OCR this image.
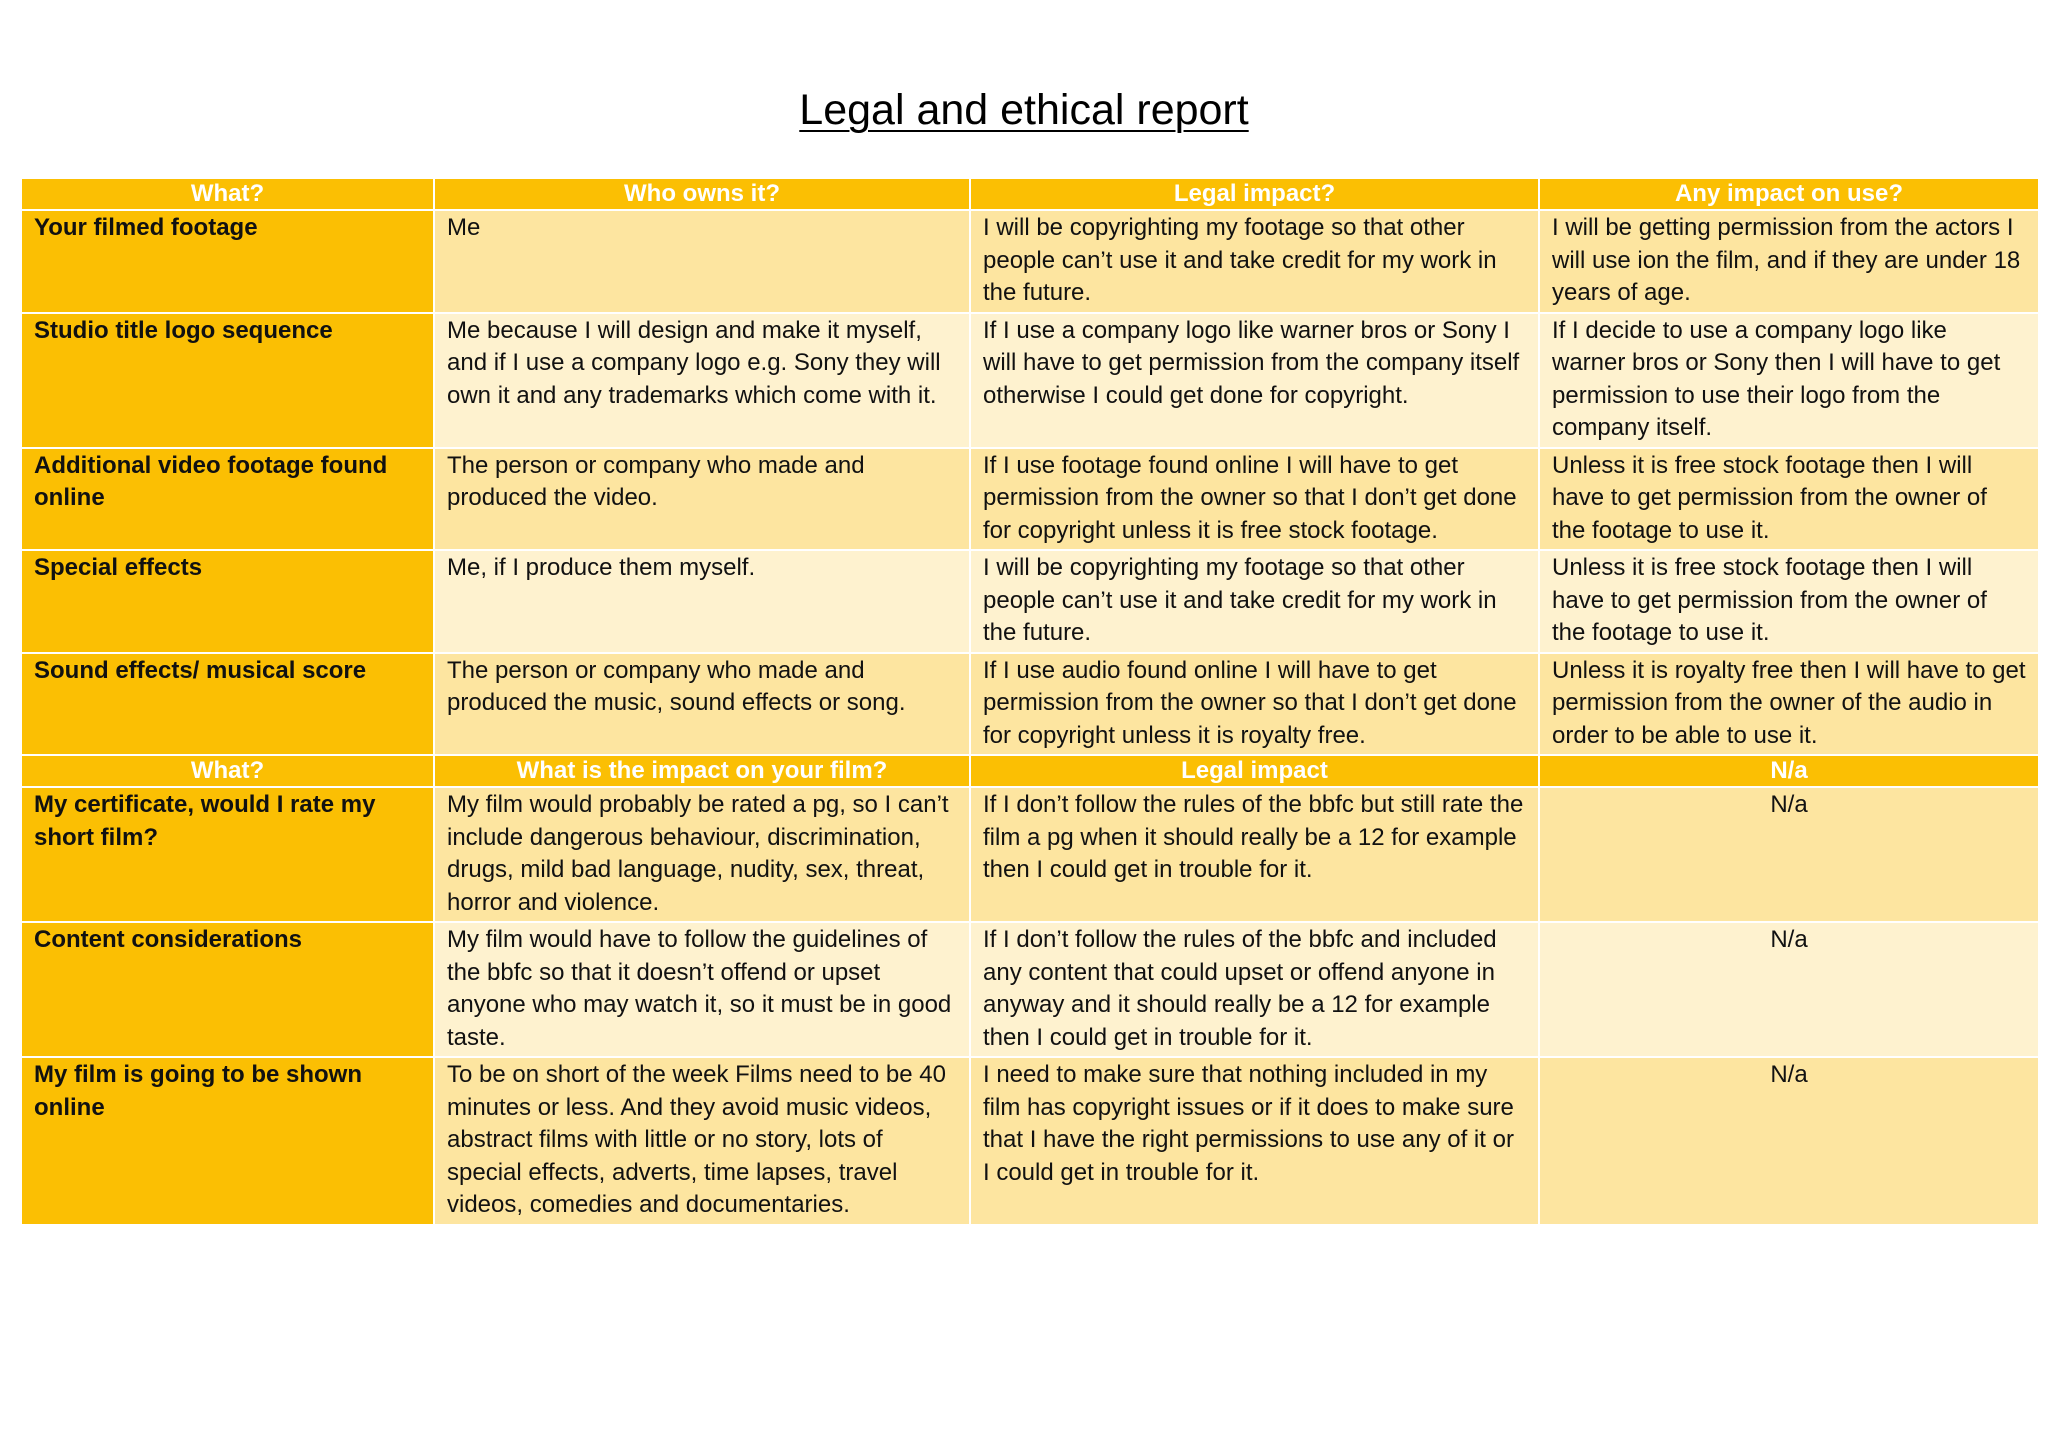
Legal and ethical report
What?	Who owns it?	Legal impact?	Any impact on use?
Your filmed footage	Me	I will be copyrighting my footage so that other people can’t use it and take credit for my work in the future.	I will be getting permission from the actors I will use ion the film, and if they are under 18 years of age.
Studio title logo sequence	Me because I will design and make it myself, and if I use a company logo e.g. Sony they will own it and any trademarks which come with it.	If I use a company logo like warner bros or Sony I will have to get permission from the company itself otherwise I could get done for copyright.	If I decide to use a company logo like warner bros or Sony then I will have to get permission to use their logo from the company itself.
Additional video footage found online	The person or company who made and produced the video.	If I use footage found online I will have to get permission from the owner so that I don’t get done for copyright unless it is free stock footage.	Unless it is free stock footage then I will have to get permission from the owner of the footage to use it.
Special effects	Me, if I produce them myself.	I will be copyrighting my footage so that other people can’t use it and take credit for my work in the future.	Unless it is free stock footage then I will have to get permission from the owner of the footage to use it.
Sound effects/ musical score	The person or company who made and produced the music, sound effects or song.	If I use audio found online I will have to get permission from the owner so that I don’t get done for copyright unless it is royalty free.	Unless it is royalty free then I will have to get permission from the owner of the audio in order to be able to use it.
What?	What is the impact on your film?	Legal impact	N/a
My certificate, would I rate my short film?	My film would probably be rated a pg, so I can’t include dangerous behaviour, discrimination, drugs, mild bad language, nudity, sex, threat, horror and violence.	If I don’t follow the rules of the bbfc but still rate the film a pg when it should really be a 12 for example then I could get in trouble for it.	N/a
Content considerations	My film would have to follow the guidelines of the bbfc so that it doesn’t offend or upset anyone who may watch it, so it must be in good taste.	If I don’t follow the rules of the bbfc and included any content that could upset or offend anyone in anyway and it should really be a 12 for example then I could get in trouble for it.	N/a
My film is going to be shown online	To be on short of the week Films need to be 40 minutes or less. And they avoid music videos, abstract films with little or no story, lots of special effects, adverts, time lapses, travel videos, comedies and documentaries.	I need to make sure that nothing included in my film has copyright issues or if it does to make sure that I have the right permissions to use any of it or I could get in trouble for it.	N/a
